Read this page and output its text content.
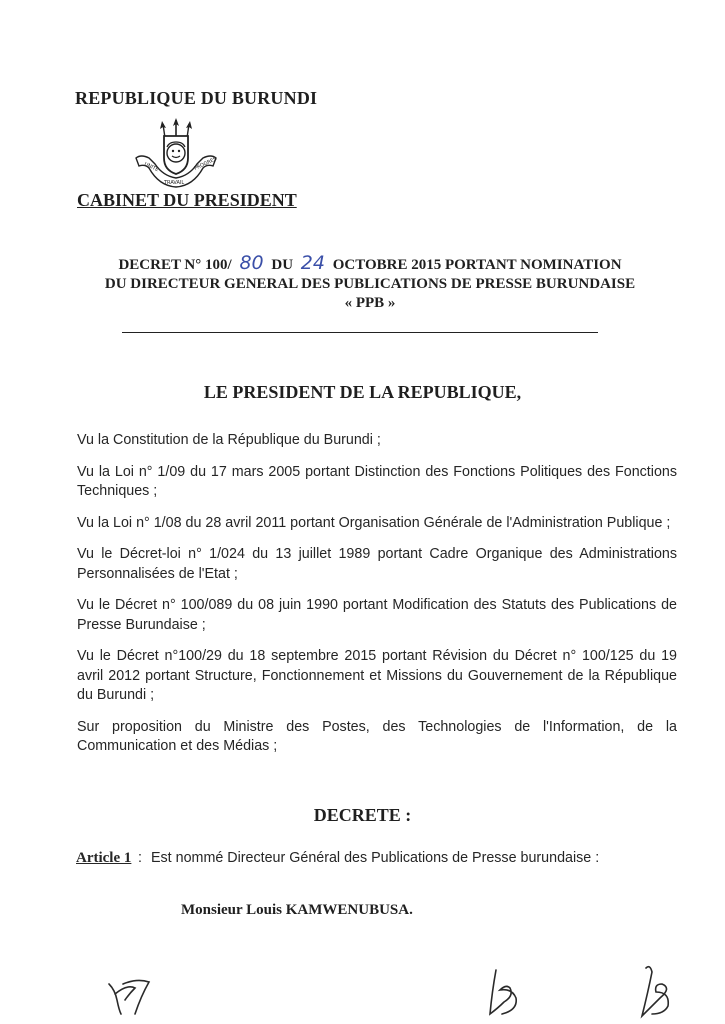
REPUBLIQUE DU BURUNDI
UNITE
TRAVAIL
PROGRES
CABINET DU PRESIDENT
DECRET N° 100/ 80 DU 24 OCTOBRE 2015 PORTANT NOMINATION
DU DIRECTEUR GENERAL DES PUBLICATIONS DE PRESSE BURUNDAISE
« PPB »
LE PRESIDENT DE LA REPUBLIQUE,

Vu la Constitution de la République du Burundi ;

Vu la Loi n° 1/09 du 17 mars 2005 portant Distinction des Fonctions Politiques des Fonctions Techniques ;

Vu la Loi n° 1/08 du 28 avril 2011 portant Organisation Générale de l'Administration Publique ;

Vu le Décret-loi n° 1/024 du 13 juillet 1989 portant Cadre Organique des Administrations Personnalisées de l'Etat ;

Vu le Décret n° 100/089 du 08 juin 1990 portant Modification des Statuts des Publications de Presse Burundaise ;

Vu le Décret n°100/29 du 18 septembre 2015 portant Révision du Décret n° 100/125 du 19 avril 2012 portant Structure, Fonctionnement et Missions du Gouvernement de la République du Burundi ;

Sur proposition du Ministre des Postes, des Technologies de l'Information, de la Communication et des Médias ;

DECRETE :
Article 1 : Est nommé Directeur Général des Publications de Presse burundaise :
Monsieur Louis KAMWENUBUSA.
